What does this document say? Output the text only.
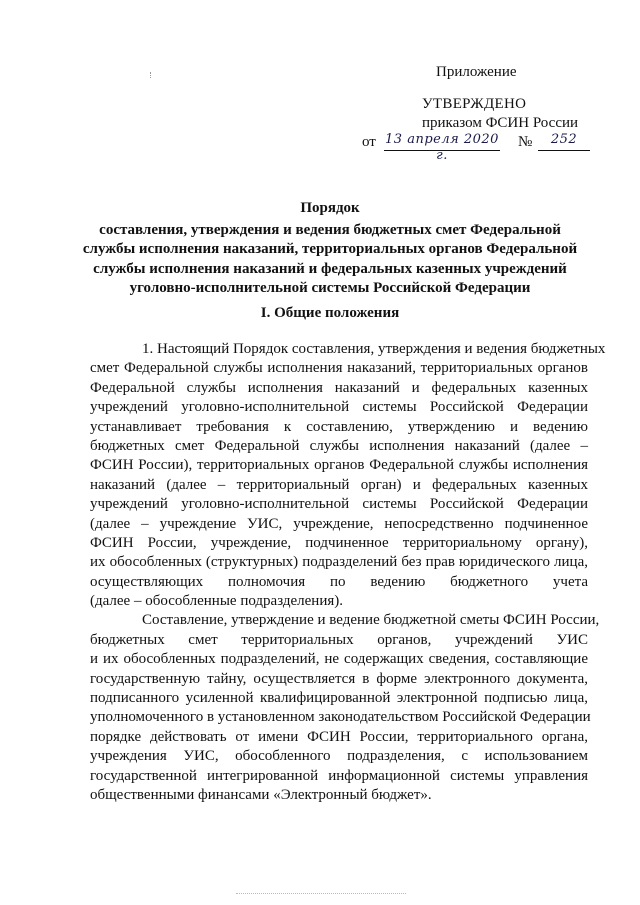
Приложение
УТВЕРЖДЕНО
приказом ФСИН России
от 13 апреля 2020 г.
№	252
Порядок
составления, утверждения и ведения бюджетных смет Федеральной
службы исполнения наказаний, территориальных органов Федеральной
службы исполнения наказаний и федеральных казенных учреждений
уголовно-исполнительной системы Российской Федерации
I. Общие положения
1. Настоящий Порядок составления, утверждения и ведения бюджетных
смет Федеральной службы исполнения наказаний, территориальных органов
Федеральной службы исполнения наказаний и федеральных казенных
учреждений уголовно-исполнительной системы Российской Федерации
устанавливает требования к составлению, утверждению и ведению
бюджетных смет Федеральной службы исполнения наказаний (далее –
ФСИН России), территориальных органов Федеральной службы исполнения
наказаний (далее – территориальный орган) и федеральных казенных
учреждений уголовно-исполнительной системы Российской Федерации
(далее – учреждение УИС, учреждение, непосредственно подчиненное
ФСИН России, учреждение, подчиненное территориальному органу),
их обособленных (структурных) подразделений без прав юридического лица,
осуществляющих полномочия по ведению бюджетного учета
(далее – обособленные подразделения).
Составление, утверждение и ведение бюджетной сметы ФСИН России,
бюджетных смет территориальных органов, учреждений УИС
и их обособленных подразделений, не содержащих сведения, составляющие
государственную тайну, осуществляется в форме электронного документа,
подписанного усиленной квалифицированной электронной подписью лица,
уполномоченного в установленном законодательством Российской Федерации
порядке действовать от имени ФСИН России, территориального органа,
учреждения УИС, обособленного подразделения, с использованием
государственной интегрированной информационной системы управления
общественными финансами «Электронный бюджет».
